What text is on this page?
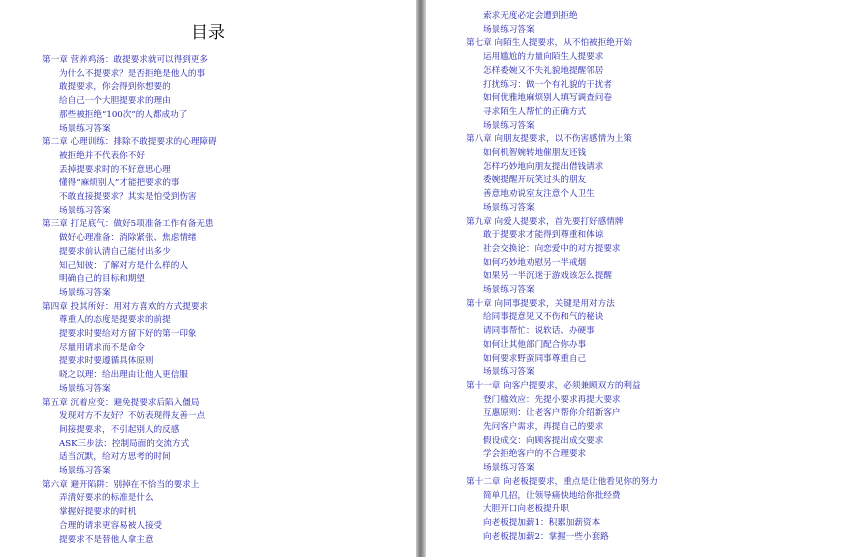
目录
第一章 营养鸡汤：敢提要求就可以得到更多
为什么不提要求？是否拒绝是他人的事
敢提要求，你会得到你想要的
给自己一个大胆提要求的理由
那些被拒绝“100次”的人都成功了
场景练习答案
第二章 心理训练：排除不敢提要求的心理障碍
被拒绝并不代表你不好
丢掉提要求时的不好意思心理
懂得“麻烦别人”才能把要求的事
不敢直接提要求？其实是怕受到伤害
场景练习答案
第三章 打足底气：做好5项准备工作有备无患
做好心理准备：消除紧张、焦虑情绪
提要求前认清自己能付出多少
知己知彼：了解对方是什么样的人
明确自己的目标和期望
场景练习答案
第四章 投其所好：用对方喜欢的方式提要求
尊重人的态度是提要求的前提
提要求时要给对方留下好的第一印象
尽量用请求而不是命令
提要求时要遵循具体原则
晓之以理：给出理由让他人更信服
场景练习答案
第五章 沉着应变：避免提要求后陷入僵局
发现对方不友好？不妨表现得友善一点
间接提要求，不引起别人的反感
ASK三步法：控制局面的交流方式
适当沉默，给对方思考的时间
场景练习答案
第六章 避开陷阱：别掉在不恰当的要求上
弄清好要求的标准是什么
掌握好提要求的时机
合理的请求更容易被人接受
提要求不是替他人拿主意
索求无度必定会遭到拒绝
场景练习答案
第七章 向陌生人提要求，从不怕被拒绝开始
运用尴尬的力量向陌生人提要求
怎样委婉又不失礼貌地提醒邻居
打扰练习：做一个有礼貌的干扰者
如何优雅地麻烦别人填写调查问卷
寻求陌生人帮忙的正确方式
场景练习答案
第八章 向朋友提要求，以不伤害感情为上策
如何机智婉转地催朋友还钱
怎样巧妙地向朋友提出借钱请求
委婉提醒开玩笑过头的朋友
善意地劝说室友注意个人卫生
场景练习答案
第九章 向爱人提要求，首先要打好感情牌
敢于提要求才能得到尊重和体谅
社会交换论：向恋爱中的对方提要求
如何巧妙地劝慰另一半戒烟
如果另一半沉迷于游戏该怎么提醒
场景练习答案
第十章 向同事提要求，关键是用对方法
给同事提意见又不伤和气的秘诀
请同事帮忙：说软话、办硬事
如何让其他部门配合你办事
如何要求野蛮同事尊重自己
场景练习答案
第十一章 向客户提要求，必须兼顾双方的利益
登门槛效应：先提小要求再提大要求
互惠原则：让老客户帮你介绍新客户
先问客户需求，再提自己的要求
假设成交：向顾客提出成交要求
学会拒绝客户的不合理要求
场景练习答案
第十二章 向老板提要求，重点是让他看见你的努力
简单几招，让领导痛快地给你批经费
大胆开口向老板提升职
向老板提加薪1：积累加薪资本
向老板提加薪2：掌握一些小套路
